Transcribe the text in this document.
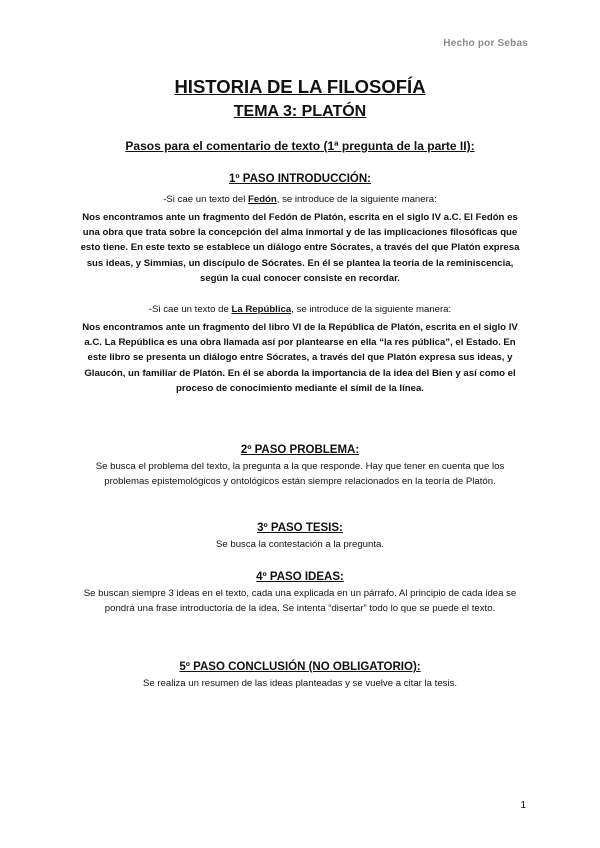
Hecho por Sebas
HISTORIA DE LA FILOSOFÍA
TEMA 3: PLATÓN
Pasos para el comentario de texto (1ª pregunta de la parte II):
1º PASO INTRODUCCIÓN:
-Si cae un texto del Fedón, se introduce de la siguiente manera:

Nos encontramos ante un fragmento del Fedón de Platón, escrita en el siglo IV a.C. El Fedón es una obra que trata sobre la concepción del alma inmortal y de las implicaciones filosóficas que esto tiene. En este texto se establece un diálogo entre Sócrates, a través del que Platón expresa sus ideas, y Simmias, un discípulo de Sócrates. En él se plantea la teoría de la reminiscencia, según la cual conocer consiste en recordar.

-Si cae un texto de La República, se introduce de la siguiente manera:

Nos encontramos ante un fragmento del libro VI de la República de Platón, escrita en el siglo IV a.C. La República es una obra llamada así por plantearse en ella “la res pública”, el Estado. En este libro se presenta un diálogo entre Sócrates, a través del que Platón expresa sus ideas, y Glaucón, un familiar de Platón. En él se aborda la importancia de la idea del Bien y así como el proceso de conocimiento mediante el símil de la línea.

2º PASO PROBLEMA:

Se busca el problema del texto, la pregunta a la que responde. Hay que tener en cuenta que los problemas epistemológicos y ontológicos están siempre relacionados en la teoría de Platón.

3º PASO TESIS:

Se busca la contestación a la pregunta.

4º PASO IDEAS:

Se buscan siempre 3 ideas en el texto, cada una explicada en un párrafo. Al principio de cada idea se pondrá una frase introductoria de la idea. Se intenta “disertar” todo lo que se puede el texto.

5º PASO CONCLUSIÓN (NO OBLIGATORIO):

Se realiza un resumen de las ideas planteadas y se vuelve a citar la tesis.

1
